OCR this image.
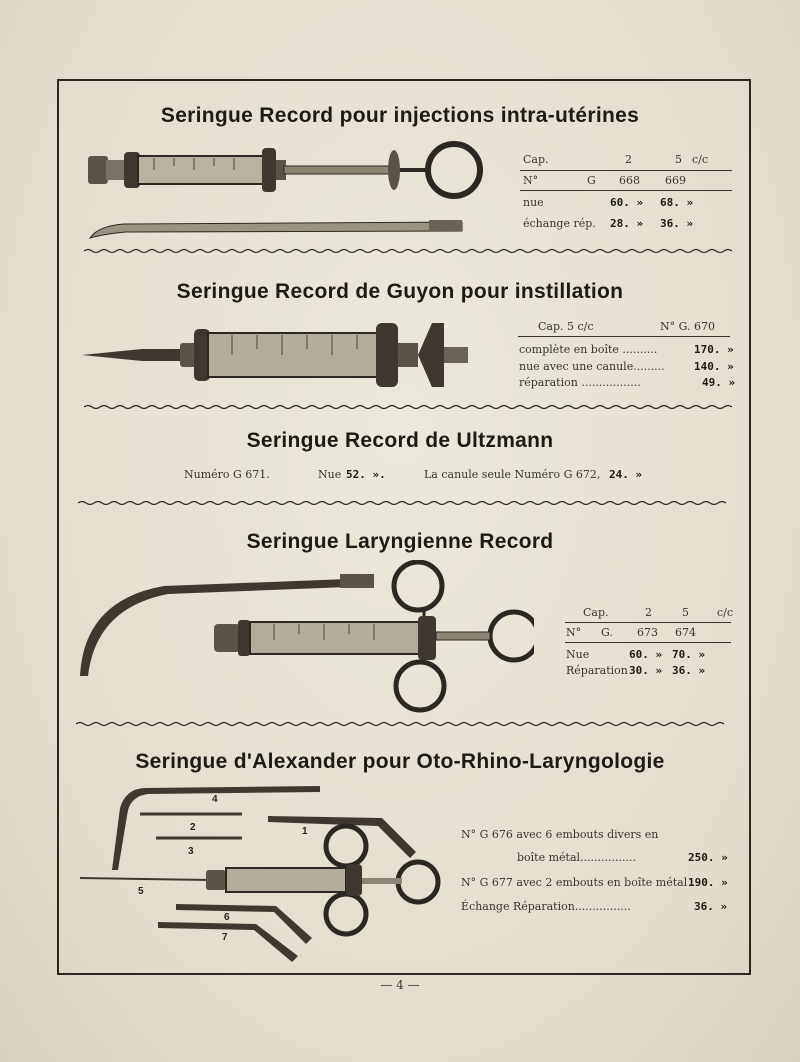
Seringue Record pour injections intra-utérines
Cap.	2	5 c/c
N°	G 668 669
nue	60. » 68. »
échange rép. 28. » 36. »
Seringue Record de Guyon pour instillation
Cap. 5 c/c	N° G. 670
complète en boîte ..........	170. »
nue avec une canule.........	140. »
réparation .................	49. »
Seringue Record de Ultzmann
Numéro G 671.	Nue 52. ».	La canule seule Numéro G 672, 24. »
Seringue Laryngienne Record
Cap.	2	5	c/c
N° G. 673 674
Nue	60. » 70. »
Réparation 30. » 36. »
Seringue d'Alexander pour Oto-Rhino-Laryngologie
4
2
3
1
5
6
7
N° G 676 avec 6 embouts divers en
boîte métal................	250. »
N° G 677 avec 2 embouts en boîte métal 190. »
Échange Réparation................	36. »
— 4 —
